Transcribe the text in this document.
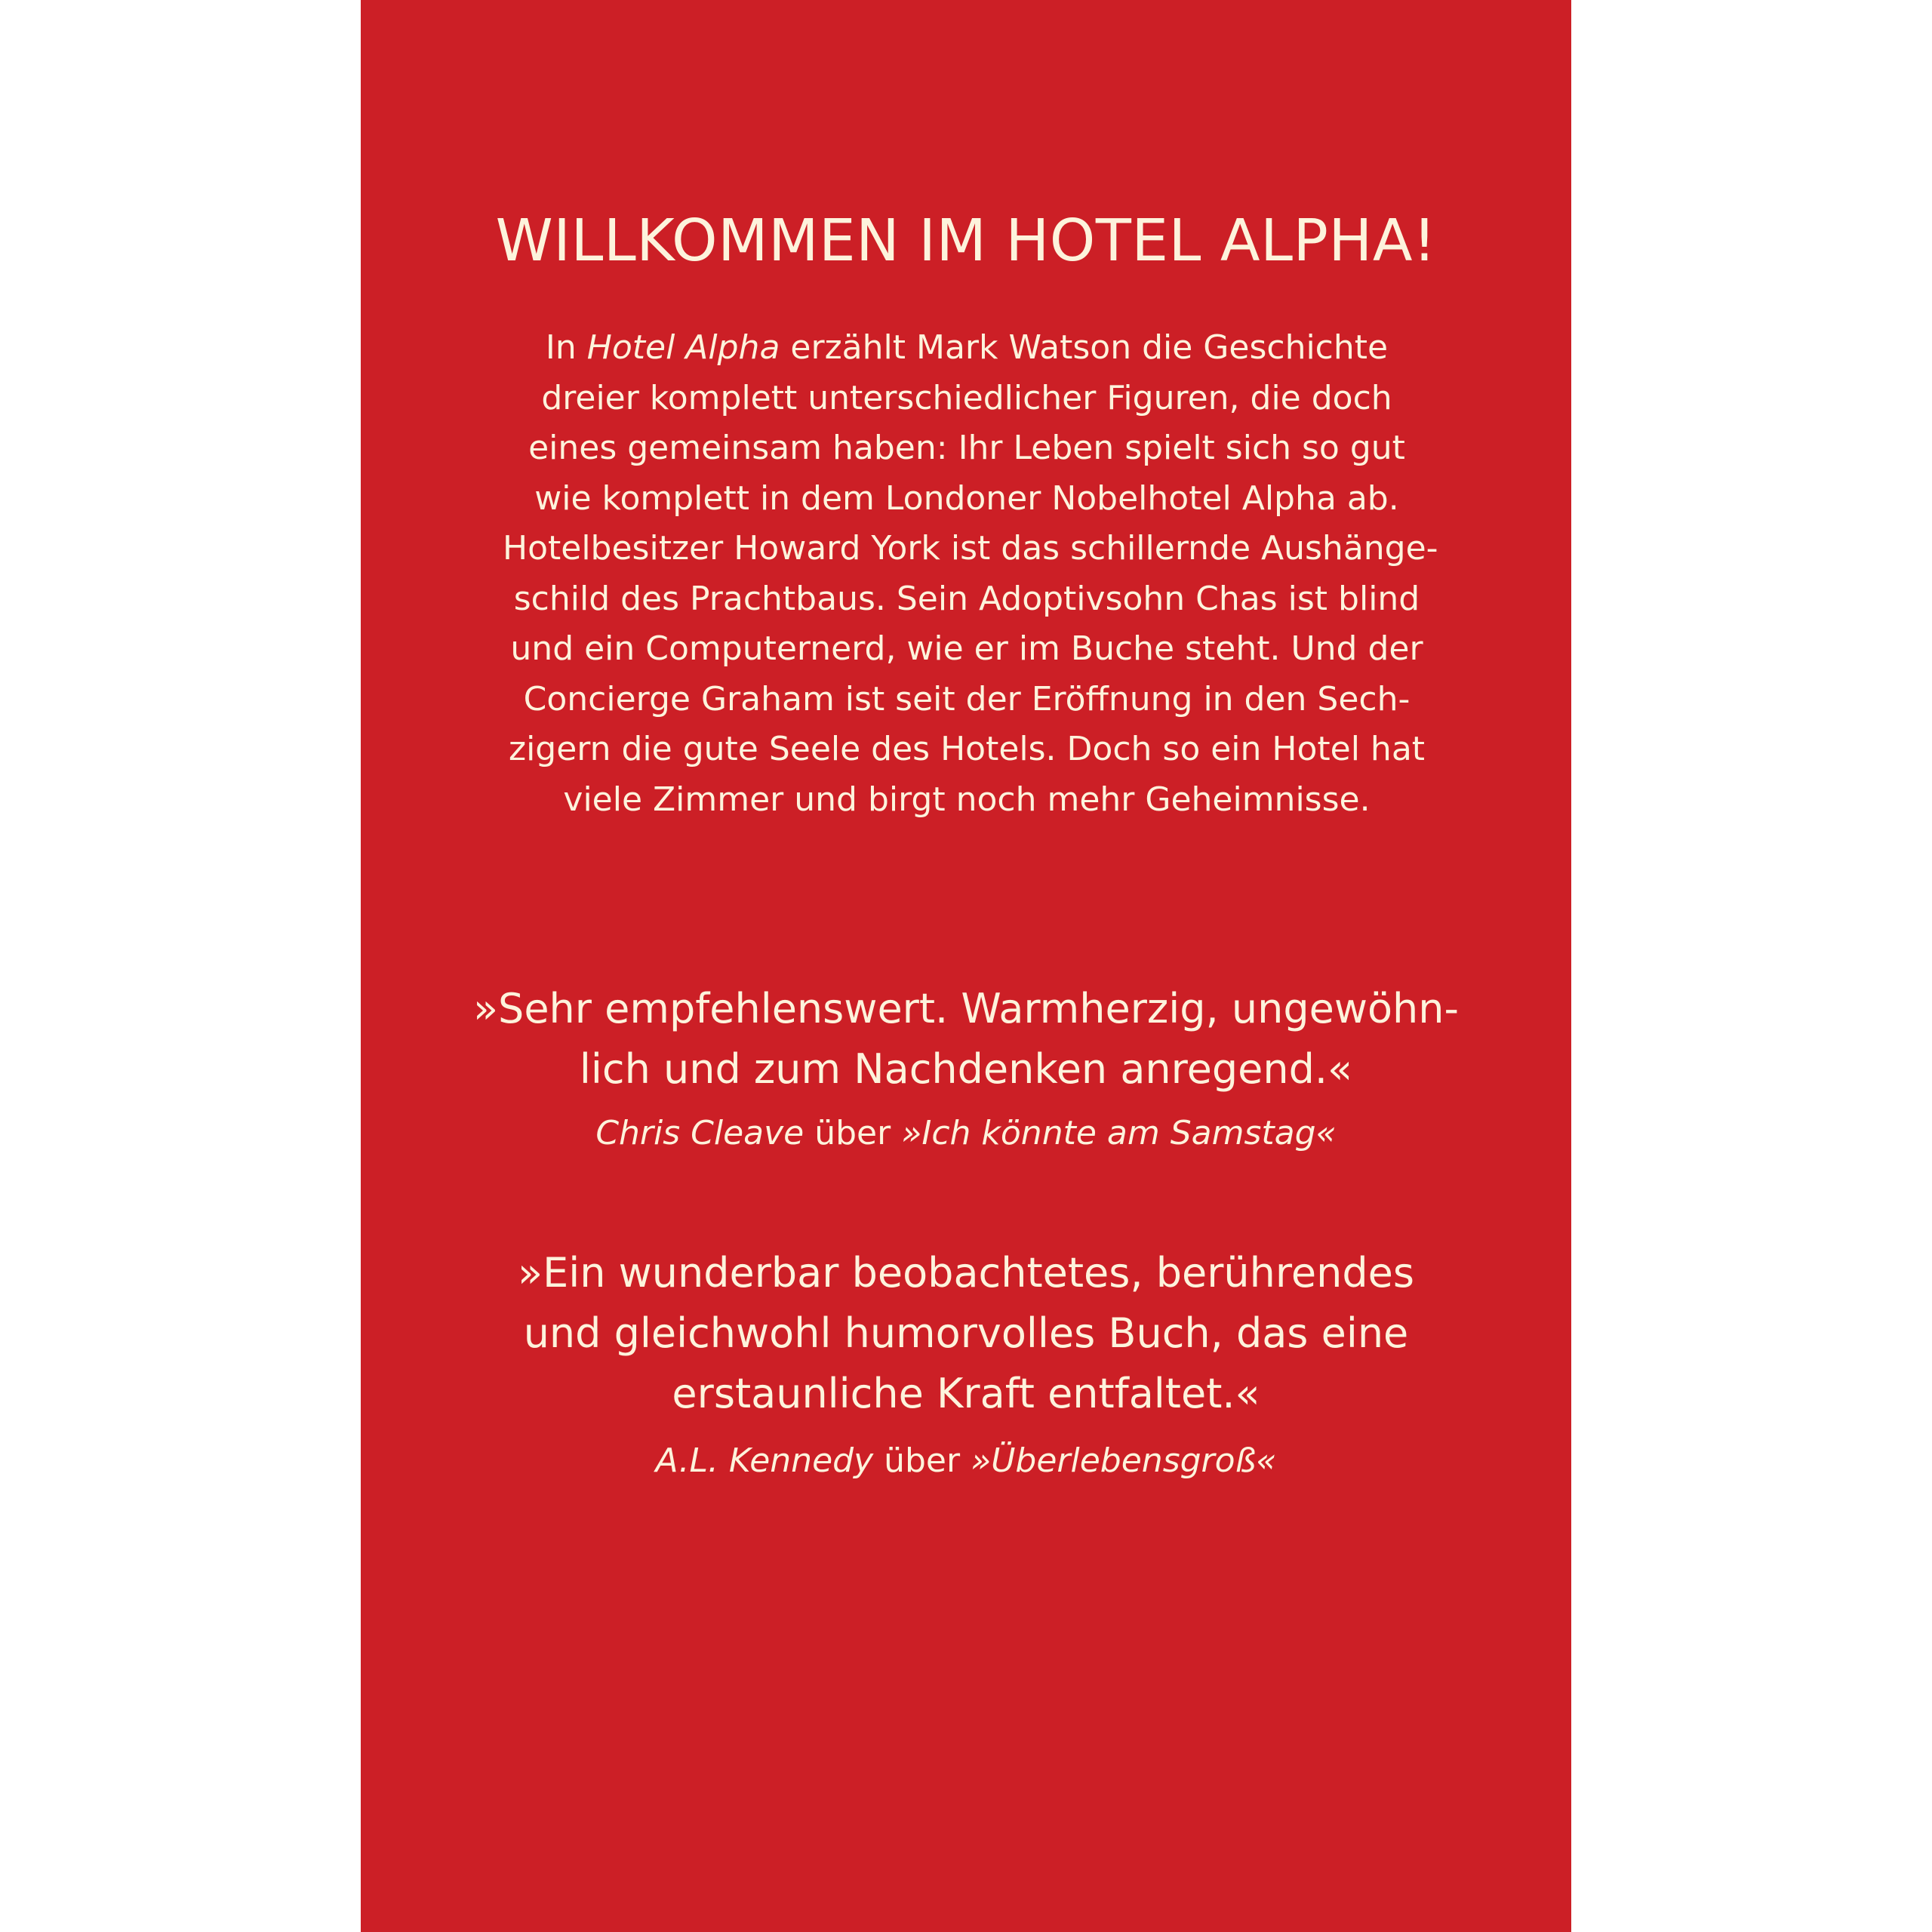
WILLKOMMEN IM HOTEL ALPHA!

In Hotel Alpha erzählt Mark Watson die Geschichte
dreier komplett unterschiedlicher Figuren, die doch
eines gemeinsam haben: Ihr Leben spielt sich so gut
wie komplett in dem Londoner Nobelhotel Alpha ab.
Hotelbesitzer Howard York ist das schillernde Aushänge-
schild des Prachtbaus. Sein Adoptivsohn Chas ist blind
und ein Computernerd, wie er im Buche steht. Und der
Concierge Graham ist seit der Eröffnung in den Sech-
zigern die gute Seele des Hotels. Doch so ein Hotel hat
viele Zimmer und birgt noch mehr Geheimnisse.

»Sehr empfehlenswert. Warmherzig, ungewöhn-
lich und zum Nachdenken anregend.«

Chris Cleave über »Ich könnte am Samstag«

»Ein wunderbar beobachtetes, berührendes
und gleichwohl humorvolles Buch, das eine
erstaunliche Kraft entfaltet.«

A.L. Kennedy über »Überlebensgroß«
